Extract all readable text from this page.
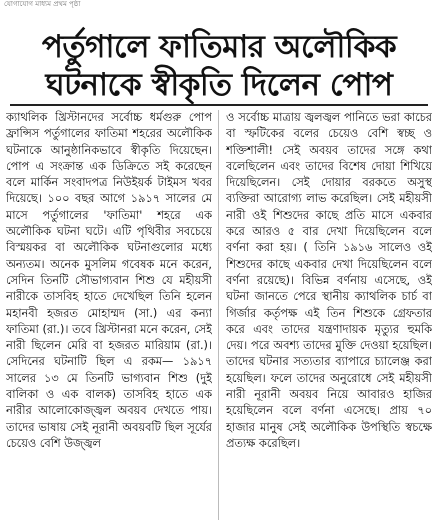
যোগাযোগ মাধ্যম প্রথম পৃষ্ঠা
পর্তুগালে ফাতিমার অলৌকিক
ঘটনাকে স্বীকৃতি দিলেন পোপ

ক্যাথলিক খ্রিস্টানদের সর্বোচ্চ ধর্মগুরু পোপ ফ্রান্সিস পর্তুগালের ফাতিমা শহরের অলৌকিক ঘটনাকে আনুষ্ঠানিকভাবে স্বীকৃতি দিয়েছেন। পোপ এ সংক্রান্ত এক ডিক্রিতে সই করেছেন বলে মার্কিন সংবাদপত্র নিউইয়র্ক টাইমস খবর দিয়েছে। ১০০ বছর আগে ১৯১৭ সালের মে মাসে পর্তুগালের 'ফাতিমা' শহরে এক অলৌকিক ঘটনা ঘটে। এটি পৃথিবীর সবচেয়ে বিস্ময়কর বা অলৌকিক ঘটনাগুলোর মধ্যে অন্যতম। অনেক মুসলিম গবেষক মনে করেন, সেদিন তিনটি সৌভাগ্যবান শিশু যে মহীয়সী নারীকে তাসবিহ হাতে দেখেছিল তিনি হলেন মহানবী হজরত মোহাম্মদ (সা.) এর কন্যা ফাতিমা (রা.)। তবে খ্রিস্টানরা মনে করেন, সেই নারী ছিলেন মেরি বা হজরত মারিয়াম (রা.)। সেদিনের ঘটনাটি ছিল এ রকম— ১৯১৭ সালের ১৩ মে তিনটি ভাগ্যবান শিশু (দুই বালিকা ও এক বালক) তাসবিহ হাতে এক নারীর আলোকোজ্জ্বল অবয়ব দেখতে পায়। তাদের ভাষায় সেই নূরানী অবয়বটি ছিল সূর্যের চেয়েও বেশি উজ্জ্বল

ও সর্বোচ্চ মাত্রায় জ্বলজ্বল পানিতে ভরা কাচের বা স্ফটিকের বলের চেয়েও বেশি স্বচ্ছ ও শক্তিশালী! সেই অবয়ব তাদের সঙ্গে কথা বলেছিলেন এবং তাদের বিশেষ দোয়া শিখিয়ে দিয়েছিলেন। সেই দোয়ার বরকতে অসুস্থ ব্যক্তিরা আরোগ্য লাভ করেছিল। সেই মহীয়সী নারী ওই শিশুদের কাছে প্রতি মাসে একবার করে আরও ৫ বার দেখা দিয়েছিলেন বলে বর্ণনা করা হয়। ( তিনি ১৯১৬ সালেও ওই শিশুদের কাছে একবার দেখা দিয়েছিলেন বলে বর্ণনা রয়েছে)। বিভিন্ন বর্ণনায় এসেছে, ওই ঘটনা জানতে পেরে স্থানীয় ক্যাথলিক চার্চ বা গির্জার কর্তৃপক্ষ এই তিন শিশুকে গ্রেফতার করে এবং তাদের যন্ত্রণাদায়ক মৃত্যুর হুমকি দেয়। পরে অবশ্য তাদের মুক্তি দেওয়া হয়েছিল। তাদের ঘটনার সত্যতার ব্যাপারে চ্যালেঞ্জ করা হয়েছিল। ফলে তাদের অনুরোধে সেই মহীয়সী নারী নূরানী অবয়ব নিয়ে আবারও হাজির হয়েছিলেন বলে বর্ণনা এসেছে। প্রায় ৭০ হাজার মানুষ সেই অলৌকিক উপস্থিতি স্বচক্ষে প্রত্যক্ষ করেছিল।
